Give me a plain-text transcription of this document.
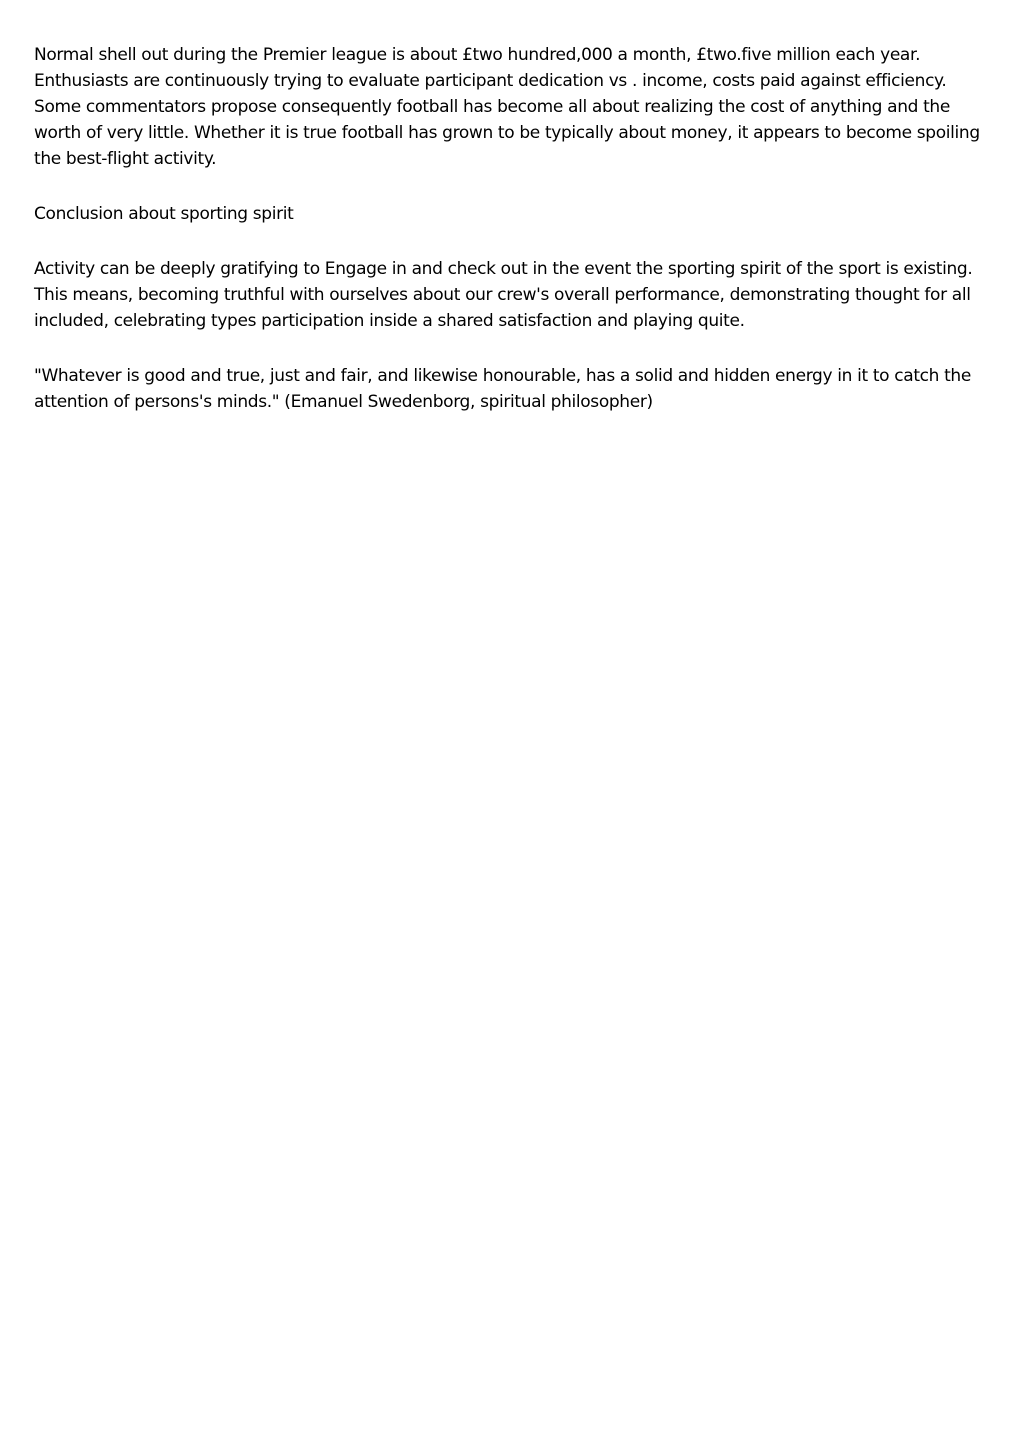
Normal shell out during the Premier league is about £two hundred,000 a month, £two.five million each year. Enthusiasts are continuously trying to evaluate participant dedication vs . income, costs paid against efficiency. Some commentators propose consequently football has become all about realizing the cost of anything and the worth of very little. Whether it is true football has grown to be typically about money, it appears to become spoiling the best-flight activity.

Conclusion about sporting spirit

Activity can be deeply gratifying to Engage in and check out in the event the sporting spirit of the sport is existing. This means, becoming truthful with ourselves about our crew's overall performance, demonstrating thought for all included, celebrating types participation inside a shared satisfaction and playing quite.

"Whatever is good and true, just and fair, and likewise honourable, has a solid and hidden energy in it to catch the attention of persons's minds." (Emanuel Swedenborg, spiritual philosopher)
